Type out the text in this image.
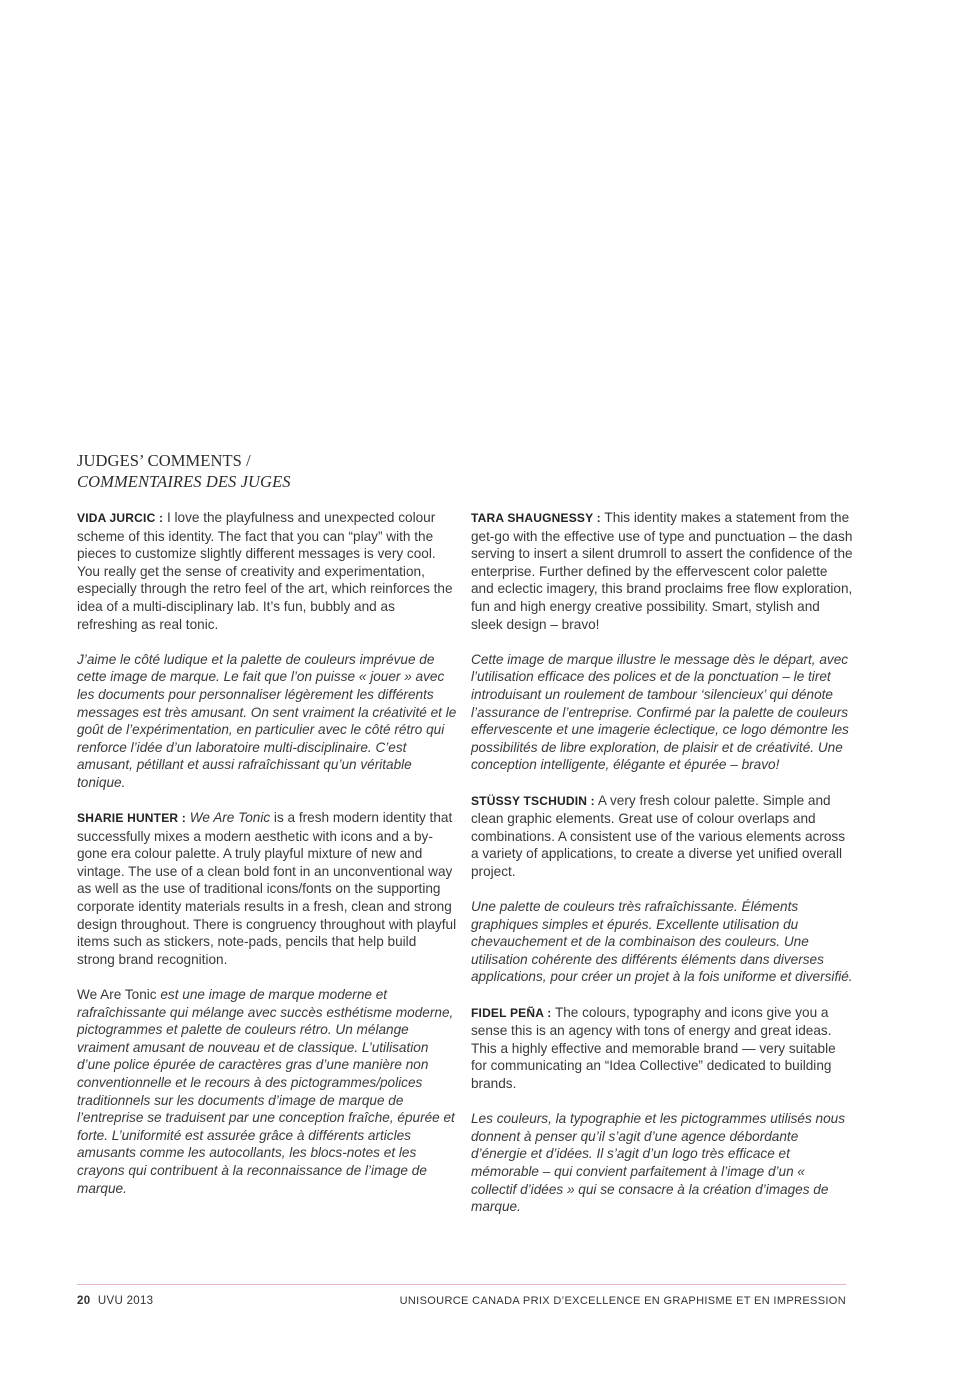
JUDGES’ COMMENTS /
COMMENTAIRES DES JUGES

VIDA JURCIC : I love the playfulness and unexpected colour scheme of this identity. The fact that you can “play” with the pieces to customize slightly different messages is very cool. You really get the sense of creativity and experimentation, especially through the retro feel of the art, which reinforces the idea of a multi-disciplinary lab. It’s fun, bubbly and as refreshing as real tonic.

J’aime le côté ludique et la palette de couleurs imprévue de cette image de marque. Le fait que l’on puisse « jouer » avec les documents pour personnaliser légèrement les différents messages est très amusant. On sent vraiment la créativité et le goût de l’expérimentation, en particulier avec le côté rétro qui renforce l’idée d’un laboratoire multi-disciplinaire. C’est amusant, pétillant et aussi rafraîchissant qu’un véritable tonique.

SHARIE HUNTER : We Are Tonic is a fresh modern identity that successfully mixes a modern aesthetic with icons and a by-gone era colour palette. A truly playful mixture of new and vintage. The use of a clean bold font in an unconventional way as well as the use of traditional icons/fonts on the supporting corporate identity materials results in a fresh, clean and strong design throughout. There is congruency throughout with playful items such as stickers, note-pads, pencils that help build strong brand recognition.

We Are Tonic est une image de marque moderne et rafraîchissante qui mélange avec succès esthétisme moderne, pictogrammes et palette de couleurs rétro. Un mélange vraiment amusant de nouveau et de classique. L’utilisation d’une police épurée de caractères gras d’une manière non conventionnelle et le recours à des pictogrammes/polices traditionnels sur les documents d’image de marque de l’entreprise se traduisent par une conception fraîche, épurée et forte. L’uniformité est assurée grâce à différents articles amusants comme les autocollants, les blocs-notes et les crayons qui contribuent à la reconnaissance de l’image de marque.

TARA SHAUGNESSY : This identity makes a statement from the get-go with the effective use of type and punctuation – the dash serving to insert a silent drumroll to assert the confidence of the enterprise. Further defined by the effervescent color palette and eclectic imagery, this brand proclaims free flow exploration, fun and high energy creative possibility. Smart, stylish and sleek design – bravo!

Cette image de marque illustre le message dès le départ, avec l’utilisation efficace des polices et de la ponctuation – le tiret introduisant un roulement de tambour ‘silencieux’ qui dénote l’assurance de l’entreprise. Confirmé par la palette de couleurs effervescente et une imagerie éclectique, ce logo démontre les possibilités de libre exploration, de plaisir et de créativité. Une conception intelligente, élégante et épurée – bravo!

STÜSSY TSCHUDIN : A very fresh colour palette. Simple and clean graphic elements. Great use of colour overlaps and combinations. A consistent use of the various elements across a variety of applications, to create a diverse yet unified overall project.

Une palette de couleurs très rafraîchissante. Éléments graphiques simples et épurés. Excellente utilisation du chevauchement et de la combinaison des couleurs. Une utilisation cohérente des différents éléments dans diverses applications, pour créer un projet à la fois uniforme et diversifié.

FIDEL PEÑA : The colours, typography and icons give you a sense this is an agency with tons of energy and great ideas. This a highly effective and memorable brand — very suitable for communicating an “Idea Collective” dedicated to building brands.

Les couleurs, la typographie et les pictogrammes utilisés nous donnent à penser qu’il s’agit d’une agence débordante d’énergie et d’idées. Il s’agit d’un logo très efficace et mémorable – qui convient parfaitement à l’image d’un « collectif d’idées » qui se consacre à la création d’images de marque.

20 UVU 2013	UNISOURCE CANADA PRIX D’EXCELLENCE EN GRAPHISME ET EN IMPRESSION
